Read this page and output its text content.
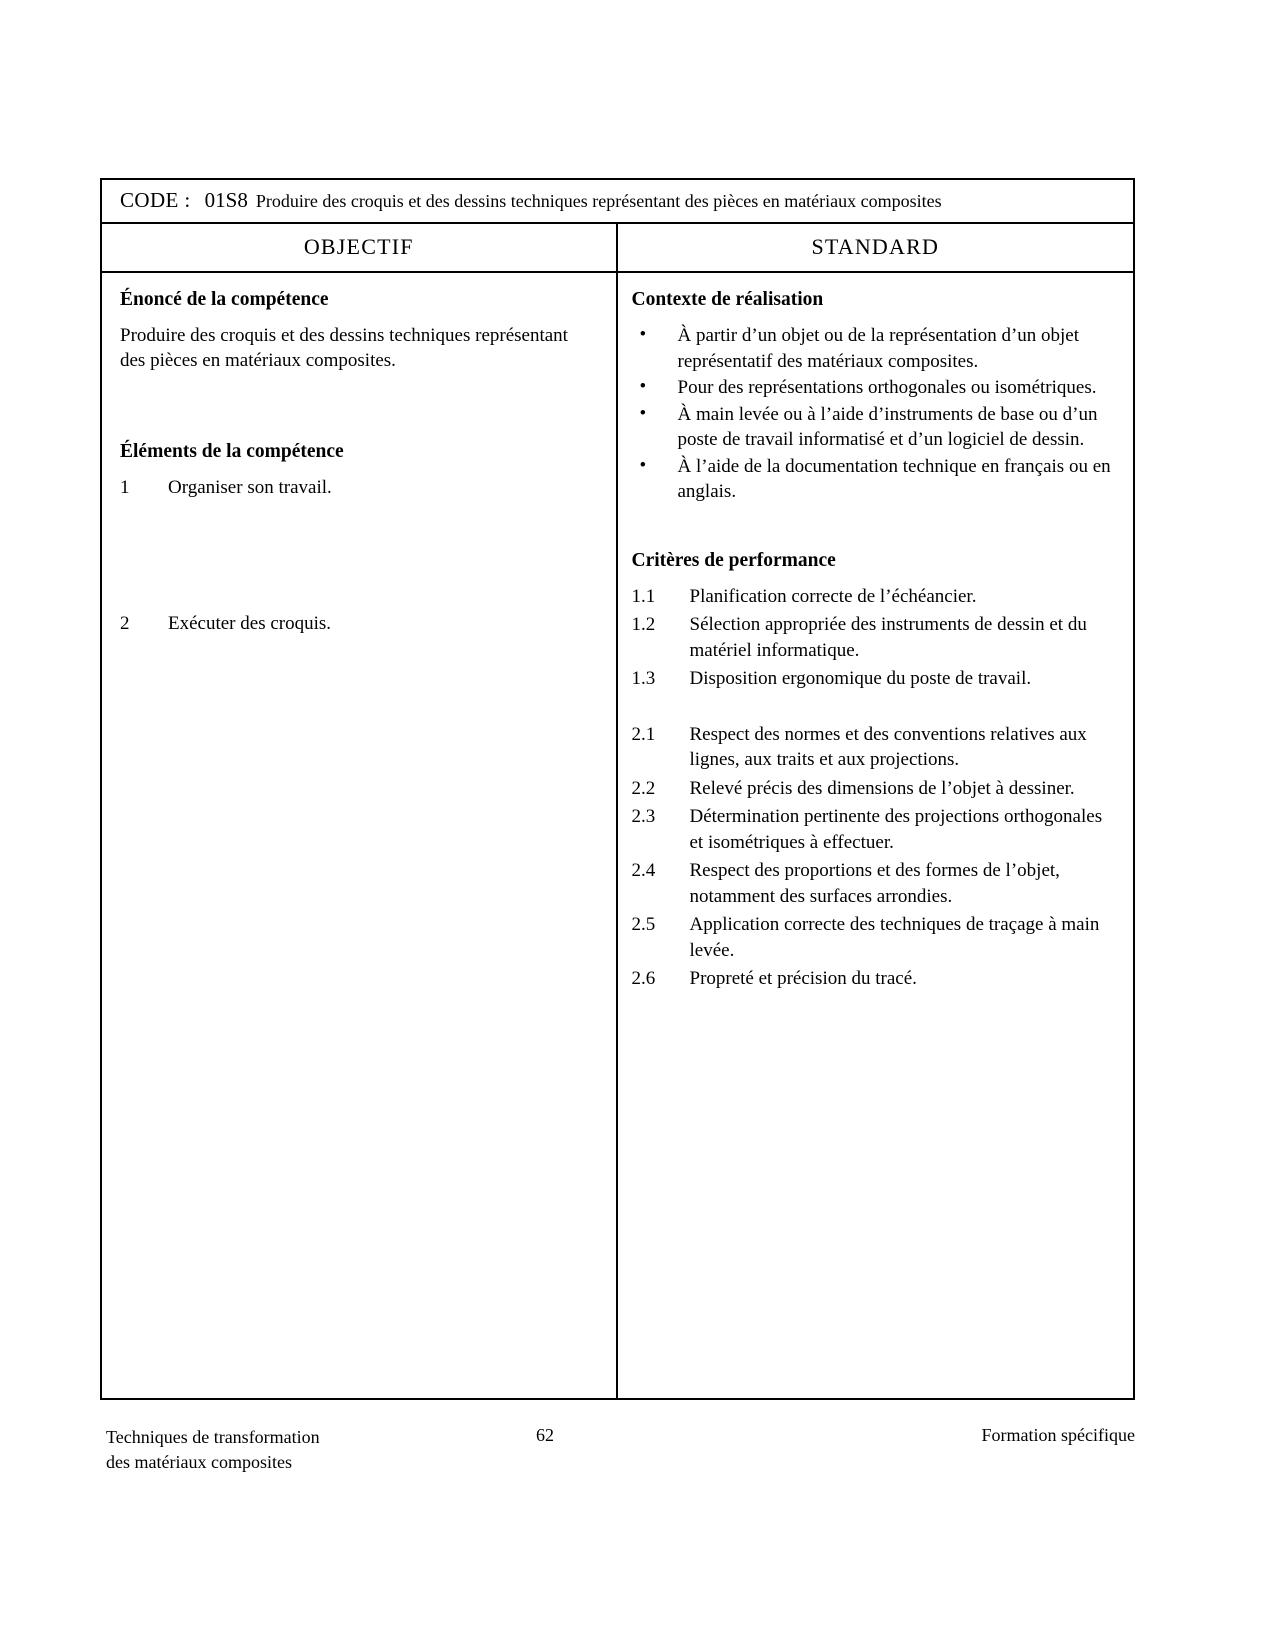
CODE : 01S8 Produire des croquis et des dessins techniques représentant des pièces en matériaux composites
OBJECTIF	STANDARD
Énoncé de la compétence

Produire des croquis et des dessins techniques représentant des pièces en matériaux composites.

Éléments de la compétence
1 Organiser son travail.
2 Exécuter des croquis.
Contexte de réalisation
• À partir d’un objet ou de la représentation d’un objet représentatif des matériaux composites.
• Pour des représentations orthogonales ou isométriques.
• À main levée ou à l’aide d’instruments de base ou d’un poste de travail informatisé et d’un logiciel de dessin.
• À l’aide de la documentation technique en français ou en anglais.
Critères de performance
1.1 Planification correcte de l’échéancier.
1.2 Sélection appropriée des instruments de dessin et du matériel informatique.
1.3 Disposition ergonomique du poste de travail.
2.1 Respect des normes et des conventions relatives aux lignes, aux traits et aux projections.
2.2 Relevé précis des dimensions de l’objet à dessiner.
2.3 Détermination pertinente des projections orthogonales et isométriques à effectuer.
2.4 Respect des proportions et des formes de l’objet, notamment des surfaces arrondies.
2.5 Application correcte des techniques de traçage à main levée.
2.6 Propreté et précision du tracé.
Techniques de transformation
des matériaux composites
62	Formation spécifique
